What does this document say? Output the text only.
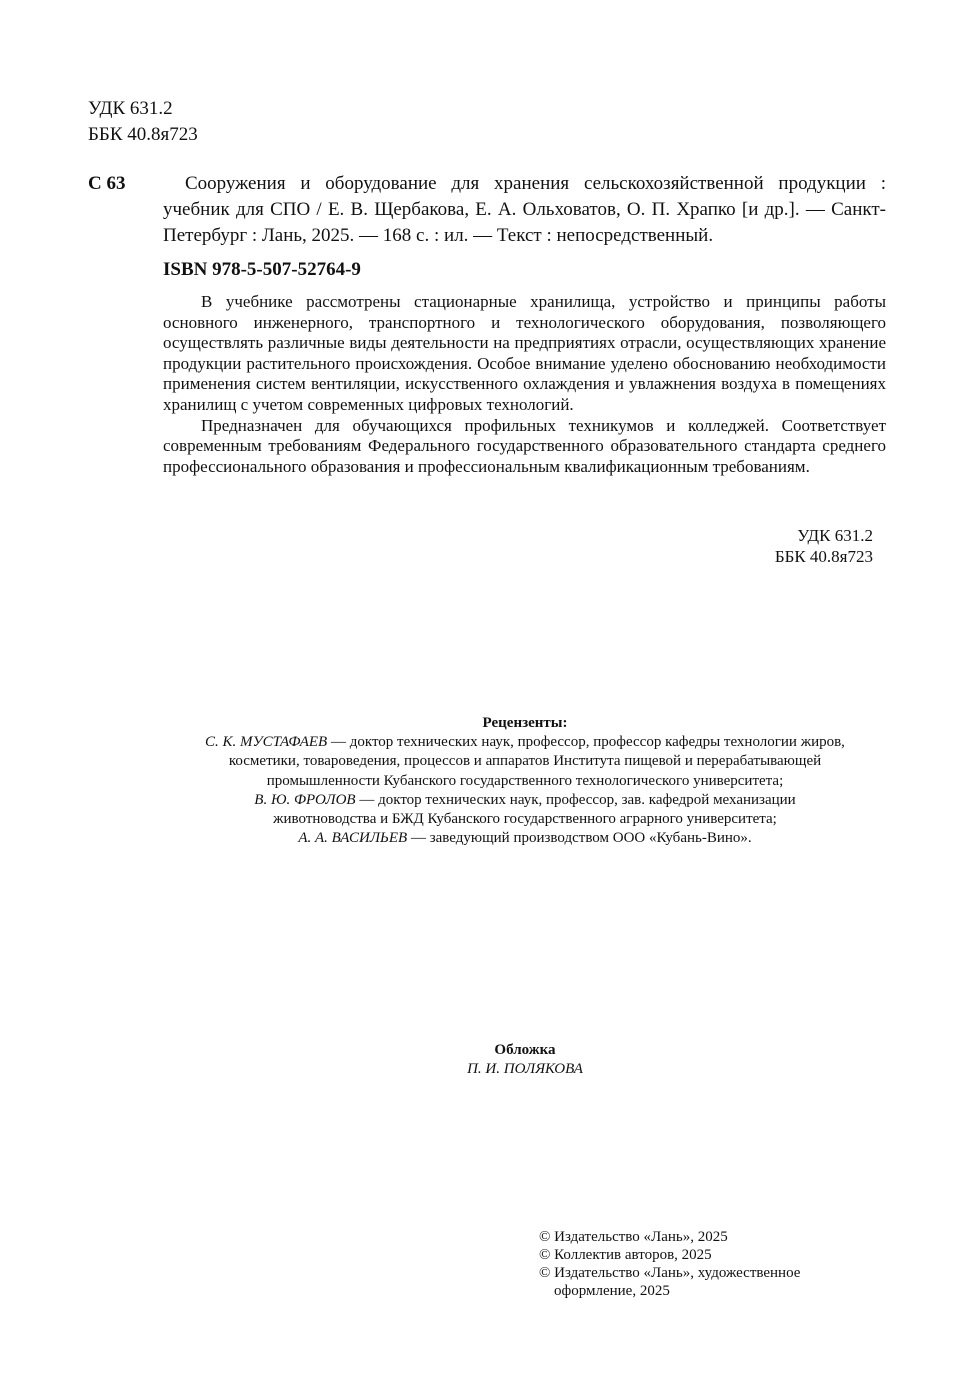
УДК 631.2
ББК 40.8я723
С 63	Сооружения и оборудование для хранения сельскохозяйственной продукции : учебник для СПО / Е. В. Щербакова, Е. А. Ольховатов, О. П. Храпко [и др.]. — Санкт-Петербург : Лань, 2025. — 168 с. : ил. — Текст : непосредственный.
ISBN 978-5-507-52764-9

В учебнике рассмотрены стационарные хранилища, устройство и принципы работы основного инженерного, транспортного и технологического оборудования, позволяющего осуществлять различные виды деятельности на предприятиях отрасли, осуществляющих хранение продукции растительного происхождения. Особое внимание уделено обоснованию необходимости применения систем вентиляции, искусственного охлаждения и увлажнения воздуха в помещениях хранилищ с учетом современных цифровых технологий.

Предназначен для обучающихся профильных техникумов и колледжей. Соответствует современным требованиям Федерального государственного образовательного стандарта среднего профессионального образования и профессиональным квалификационным требованиям.

УДК 631.2
ББК 40.8я723
Рецензенты:
С. К. МУСТАФАЕВ — доктор технических наук, профессор, профессор кафедры технологии жиров,
косметики, товароведения, процессов и аппаратов Института пищевой и перерабатывающей
промышленности Кубанского государственного технологического университета;
В. Ю. ФРОЛОВ — доктор технических наук, профессор, зав. кафедрой механизации
животноводства и БЖД Кубанского государственного аграрного университета;
А. А. ВАСИЛЬЕВ — заведующий производством ООО «Кубань-Вино».
Обложка
П. И. ПОЛЯКОВА
© Издательство «Лань», 2025
© Коллектив авторов, 2025
© Издательство «Лань», художественное оформление, 2025
